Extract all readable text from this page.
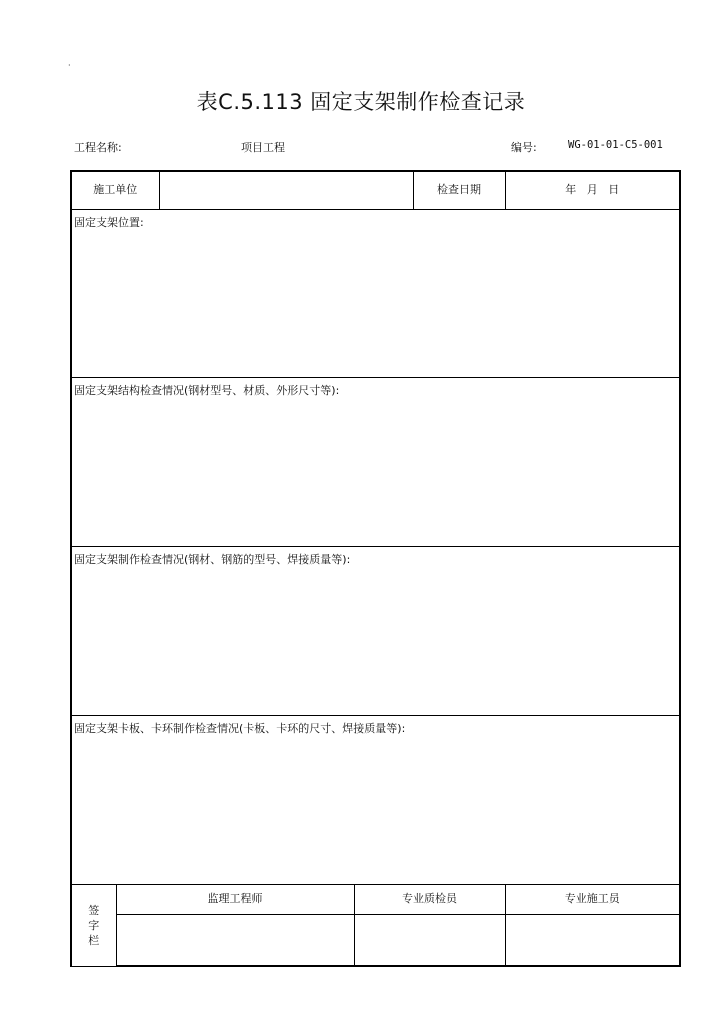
·
表C.5.113 固定支架制作检查记录
工程名称:	项目工程	编号:	WG-01-01-C5-001
施工单位				检查日期	年   月   日
固定支架位置:					
固定支架结构检查情况(钢材型号、材质、外形尺寸等):					
固定支架制作检查情况(钢材、钢筋的型号、焊接质量等):					
固定支架卡板、卡环制作检查情况(卡板、卡环的尺寸、焊接质量等):					

签
字
栏	监理工程师		专业质检员		专业施工员
